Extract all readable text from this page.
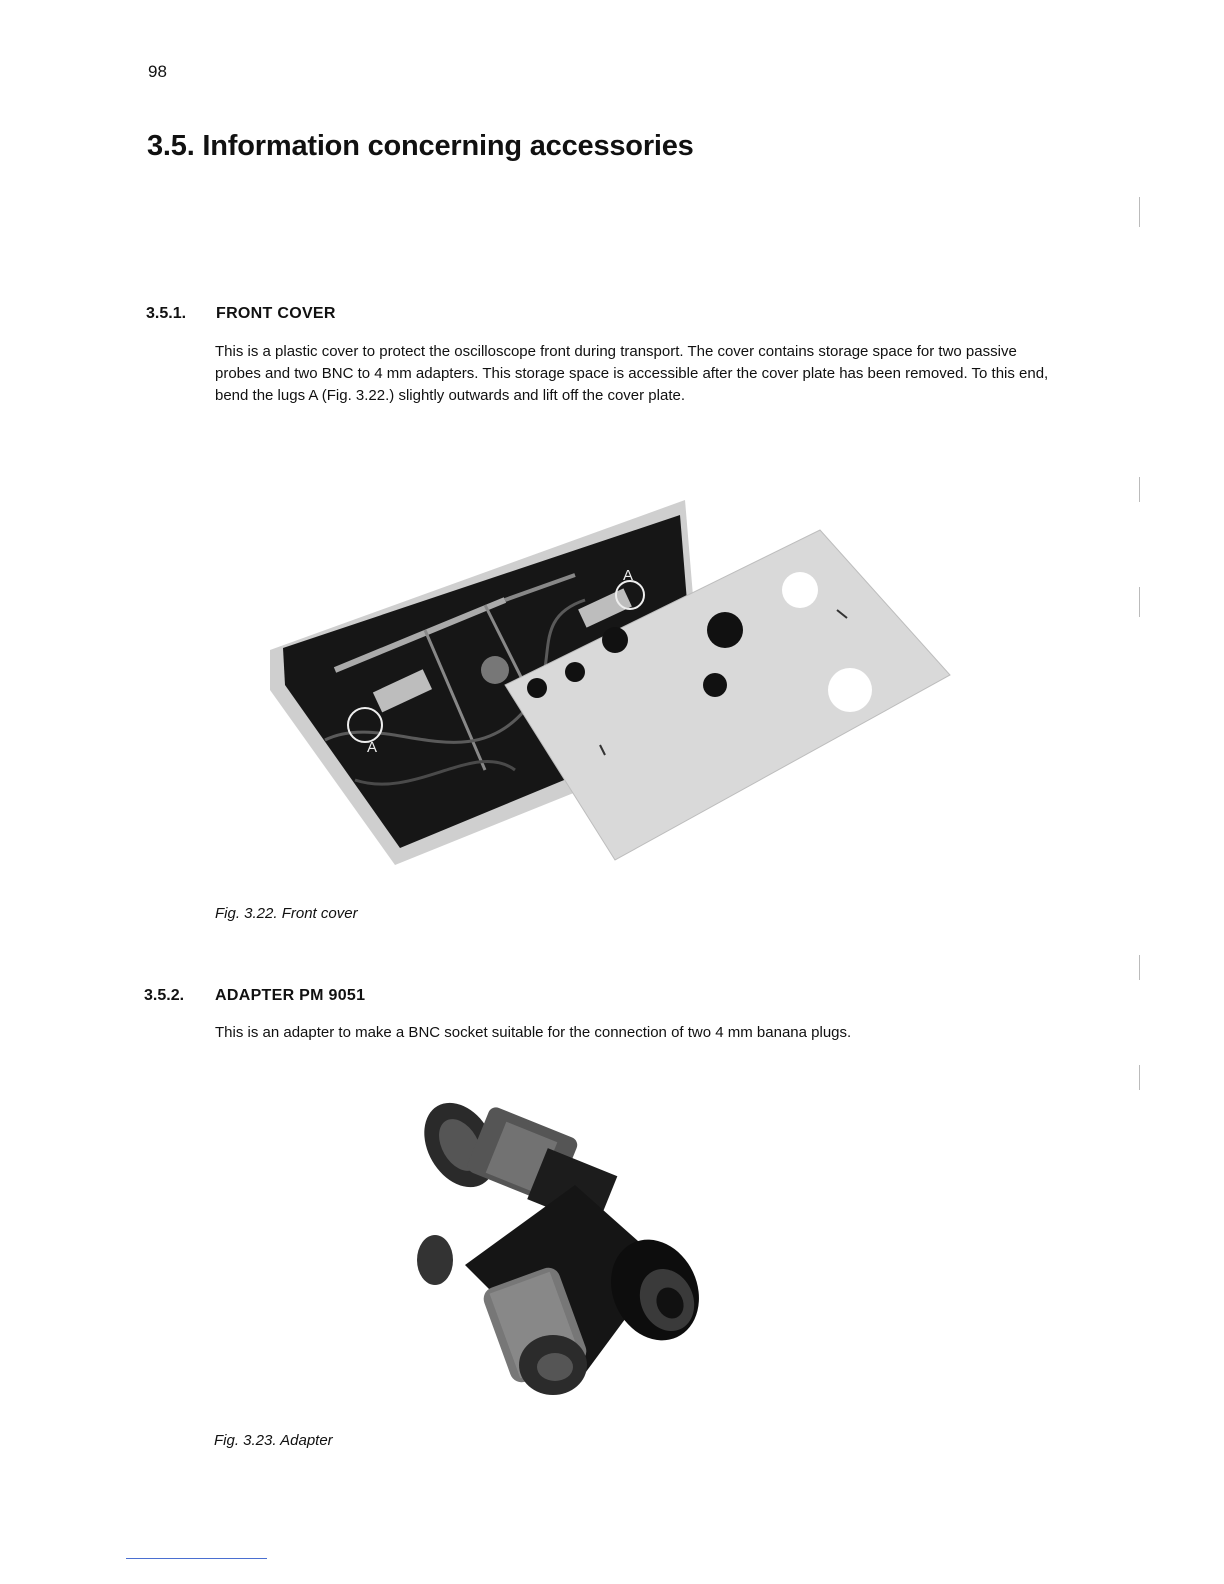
98
3.5. Information concerning accessories
3.5.1. FRONT COVER

This is a plastic cover to protect the oscilloscope front during transport. The cover contains storage space for two passive probes and two BNC to 4 mm adapters. This storage space is accessible after the cover plate has been removed. To this end, bend the lugs A (Fig. 3.22.) slightly outwards and lift off the cover plate.

A
A
Fig. 3.22. Front cover
3.5.2. ADAPTER PM 9051

This is an adapter to make a BNC socket suitable for the connection of two 4 mm banana plugs.

Fig. 3.23. Adapter
